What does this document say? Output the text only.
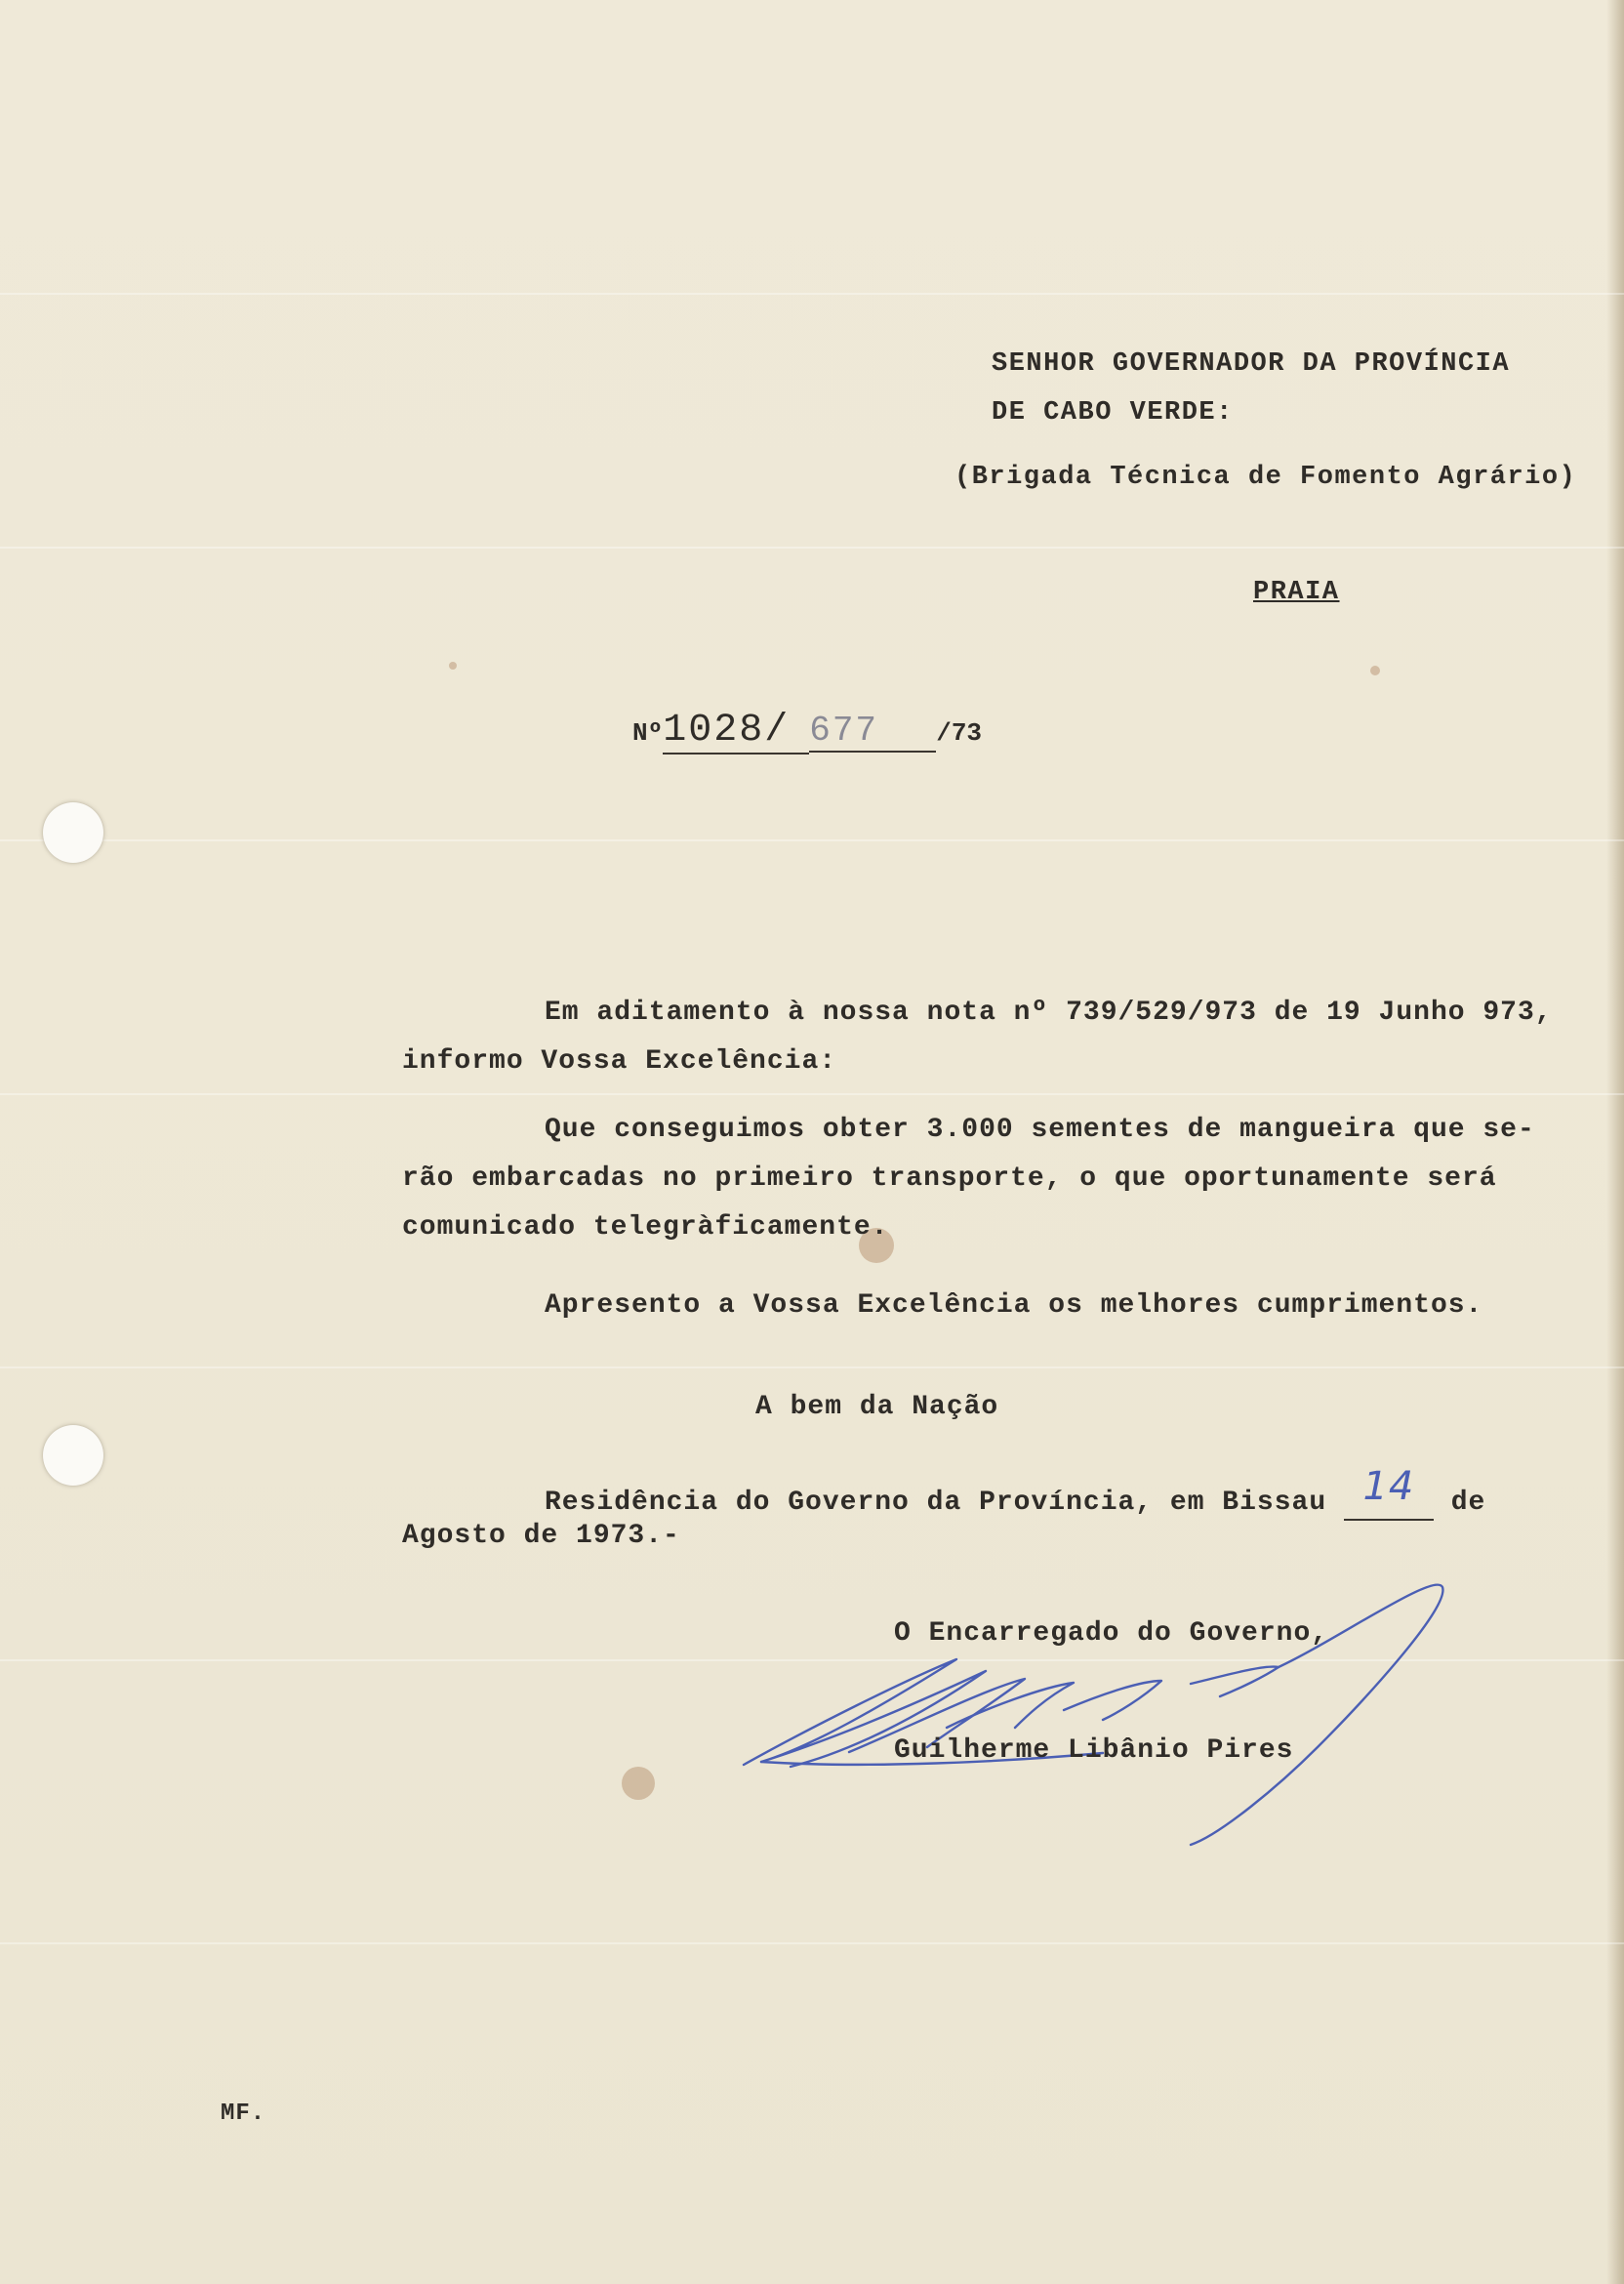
SENHOR GOVERNADOR DA PROVÍNCIA
DE CABO VERDE:
(Brigada Técnica de Fomento Agrário)
PRAIA
Nº1028/ 677 /73
Em aditamento à nossa nota nº 739/529/973 de 19 Junho 973,
informo Vossa Excelência:
Que conseguimos obter 3.000 sementes de mangueira que se-
rão embarcadas no primeiro transporte, o que oportunamente será
comunicado telegràficamente.
Apresento a Vossa Excelência os melhores cumprimentos.
A bem da Nação
Residência do Governo da Província, em Bissau 14 de
Agosto de 1973.-
O Encarregado do Governo,
Guilherme Libânio Pires
MF.
